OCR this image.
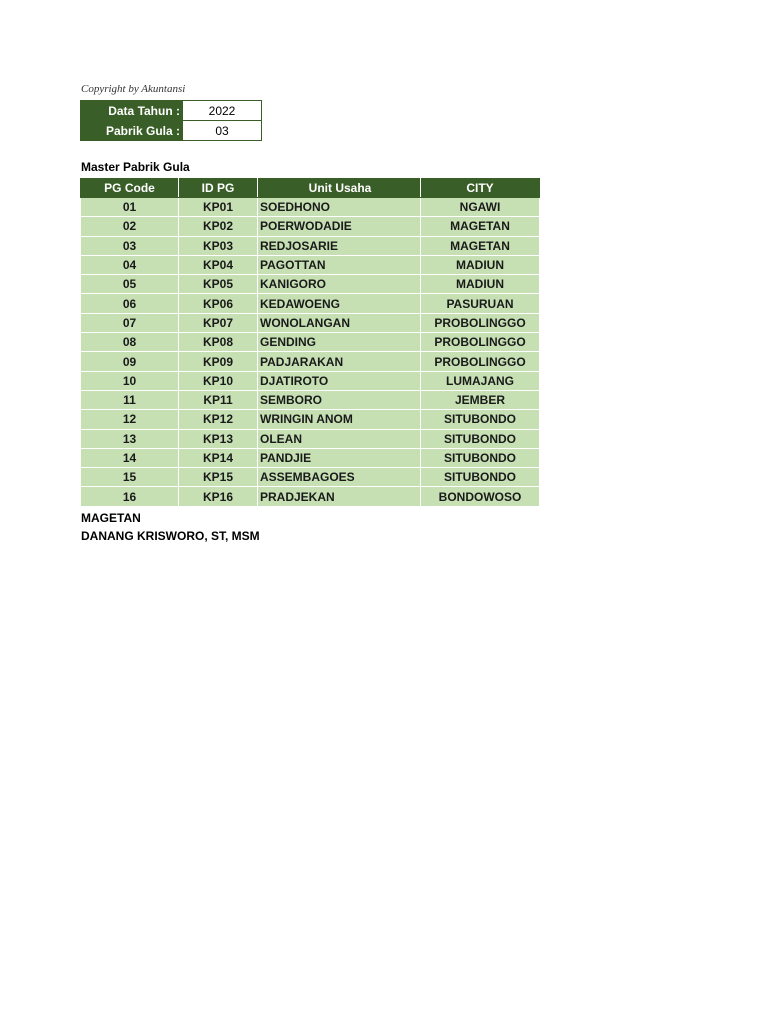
Copyright by Akuntansi
Data Tahun :	2022
Pabrik Gula :	03
Master Pabrik Gula
PG Code	ID PG	Unit Usaha	CITY
01	KP01	SOEDHONO	NGAWI
02	KP02	POERWODADIE	MAGETAN
03	KP03	REDJOSARIE	MAGETAN
04	KP04	PAGOTTAN	MADIUN
05	KP05	KANIGORO	MADIUN
06	KP06	KEDAWOENG	PASURUAN
07	KP07	WONOLANGAN	PROBOLINGGO
08	KP08	GENDING	PROBOLINGGO
09	KP09	PADJARAKAN	PROBOLINGGO
10	KP10	DJATIROTO	LUMAJANG
11	KP11	SEMBORO	JEMBER
12	KP12	WRINGIN ANOM	SITUBONDO
13	KP13	OLEAN	SITUBONDO
14	KP14	PANDJIE	SITUBONDO
15	KP15	ASSEMBAGOES	SITUBONDO
16	KP16	PRADJEKAN	BONDOWOSO
MAGETAN
DANANG KRISWORO, ST, MSM
